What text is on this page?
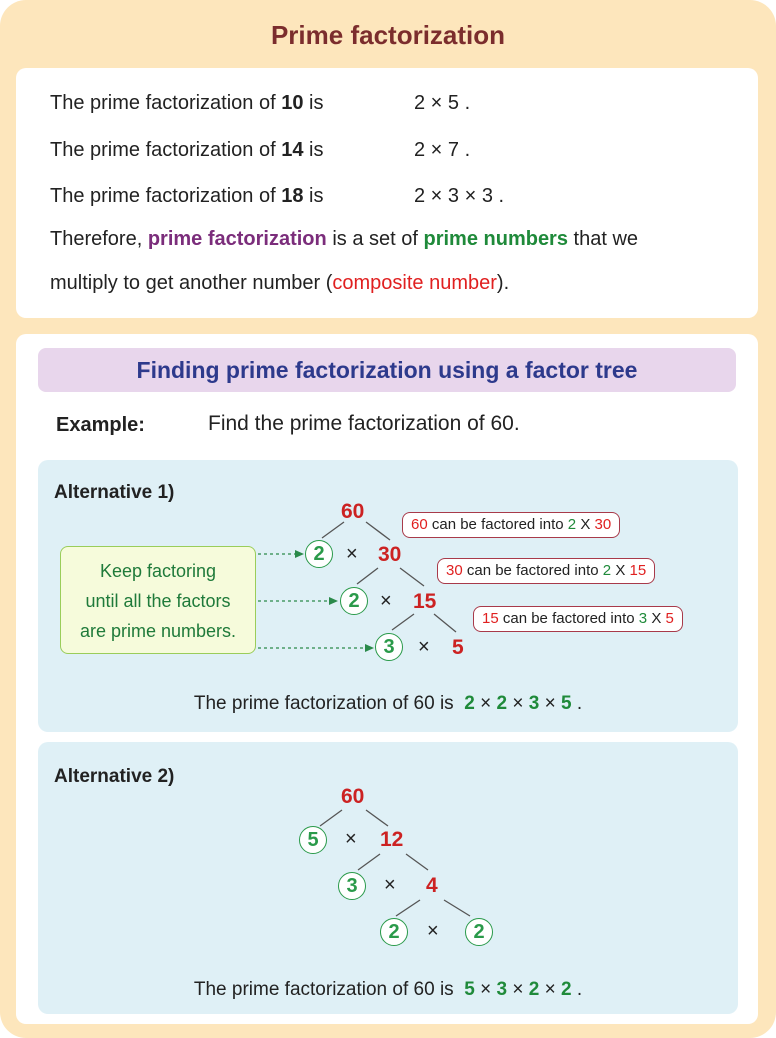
Prime factorization
The prime factorization of 10 is	2 × 5 .
The prime factorization of 14 is	2 × 7 .
The prime factorization of 18 is	2 × 3 × 3 .
Therefore, prime factorization is a set of prime numbers that we
multiply to get another number (composite number).
Finding prime factorization using a factor tree
Example:	Find the prime factorization of 60.
Alternative 1)
Alternative 2)
60
2	× 30
2	× 15
3	× 5
60 can be factored into 2 X 30
30 can be factored into 2 X 15
15 can be factored into 3 X 5
Keep factoring
until all the factors
are prime numbers.
The prime factorization of 60 is 2 × 2 × 3 × 5 .
60
5	× 12
3	× 4
2	×	2
The prime factorization of 60 is 5 × 3 × 2 × 2 .
